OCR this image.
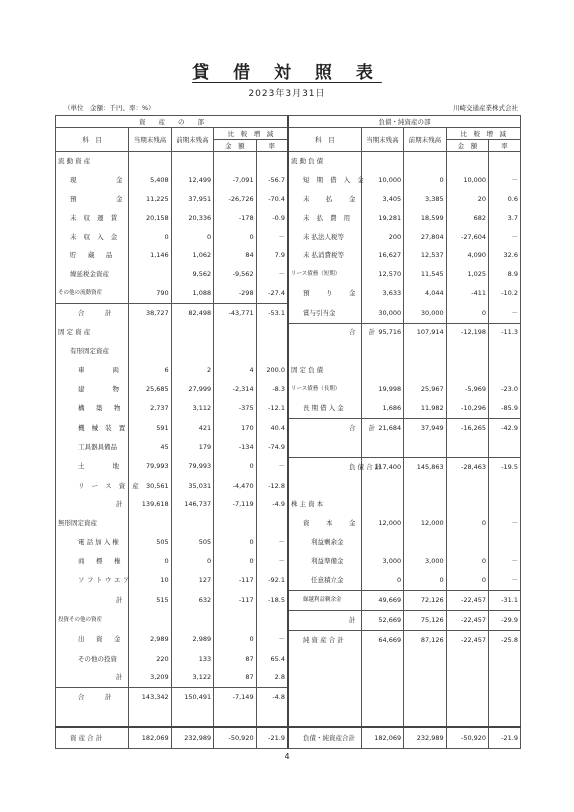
貸 借 対 照 表
2023年3月31日
（単位　金額：千円、率：%）	川崎交通産業株式会社
資　　産　　の　　部					負債・純資産の部				
科　目	当期末残高	前期末残高	比　較　増　減		科　目	当期末残高	前期末残高	比　較　増　減	
			金　額	率				金　額	率
流 動 資 産					流 動 負 債				
現　　　金	5,408	12,499	-7,091	-56.7	短 期 借 入 金	10,000	0	10,000	－
預　　　金	11,225	37,951	-26,726	-70.4	未　払　金	3,405	3,385	20	0.6
未 収 運 賃	20,158	20,336	-178	-0.9	未 払 費 用	19,281	18,599	682	3.7
未 収 入 金	0	0	0	－	未 払法人税等	200	27,804	-27,604	－
貯　蔵　品	1,146	1,062	84	7.9	未 払消費税等	16,627	12,537	4,090	32.6
繰延税金資産		9,562	-9,562	－	リース債務（短期）	12,570	11,545	1,025	8.9
その他の流動資産	790	1,088	-298	-27.4	預　り　金	3,633	4,044	-411	-10.2
合　　計	38,727	82,498	-43,771	-53.1	賞与引当金	30,000	30,000	0	－
固 定 資 産					合　　計	95,716	107,914	-12,198	-11.3
有形固定資産									
車　　両	6	2	4	200.0	固 定 負 債				
建　　物	25,685	27,999	-2,314	-8.3	リース債務（長期）	19,998	25,967	-5,969	-23.0
構　築　物	2,737	3,112	-375	-12.1	長 期 借 入 金	1,686	11,982	-10,296	-85.9
機 械 装 置	591	421	170	40.4	合　　計	21,684	37,949	-16,265	-42.9
工具器具備品	45	179	-134	-74.9					
土　　地	79,993	79,993	0	－	負 債 合 計	117,400	145,863	-28,463	-19.5
リ ー ス 資 産	30,561	35,031	-4,470	-12.8					
計	139,618	146,737	-7,119	-4.9	株 主 資 本				
無形固定資産					資　本　金	12,000	12,000	0	－
電 話 加 入 権	505	505	0	－	利益剰余金				
商　標　権	0	0	0	－	利益準備金	3,000	3,000	0	－
ソフトウエア	10	127	-117	-92.1	任意積立金	0	0	0	－
計	515	632	-117	-18.5	繰越利益剰余金	49,669	72,126	-22,457	-31.1
投資その他の資産					計	52,669	75,126	-22,457	-29.9
出　資　金	2,989	2,989	0	－	純 資 産 合 計	64,669	87,126	-22,457	-25.8
その他の投資	220	133	87	65.4					
計	3,209	3,122	87	2.8					
合　　計	143,342	150,491	-7,149	-4.8					

資 産 合 計	182,069	232,989	-50,920	-21.9	負債・純資産合計	182,069	232,989	-50,920	-21.9
4
